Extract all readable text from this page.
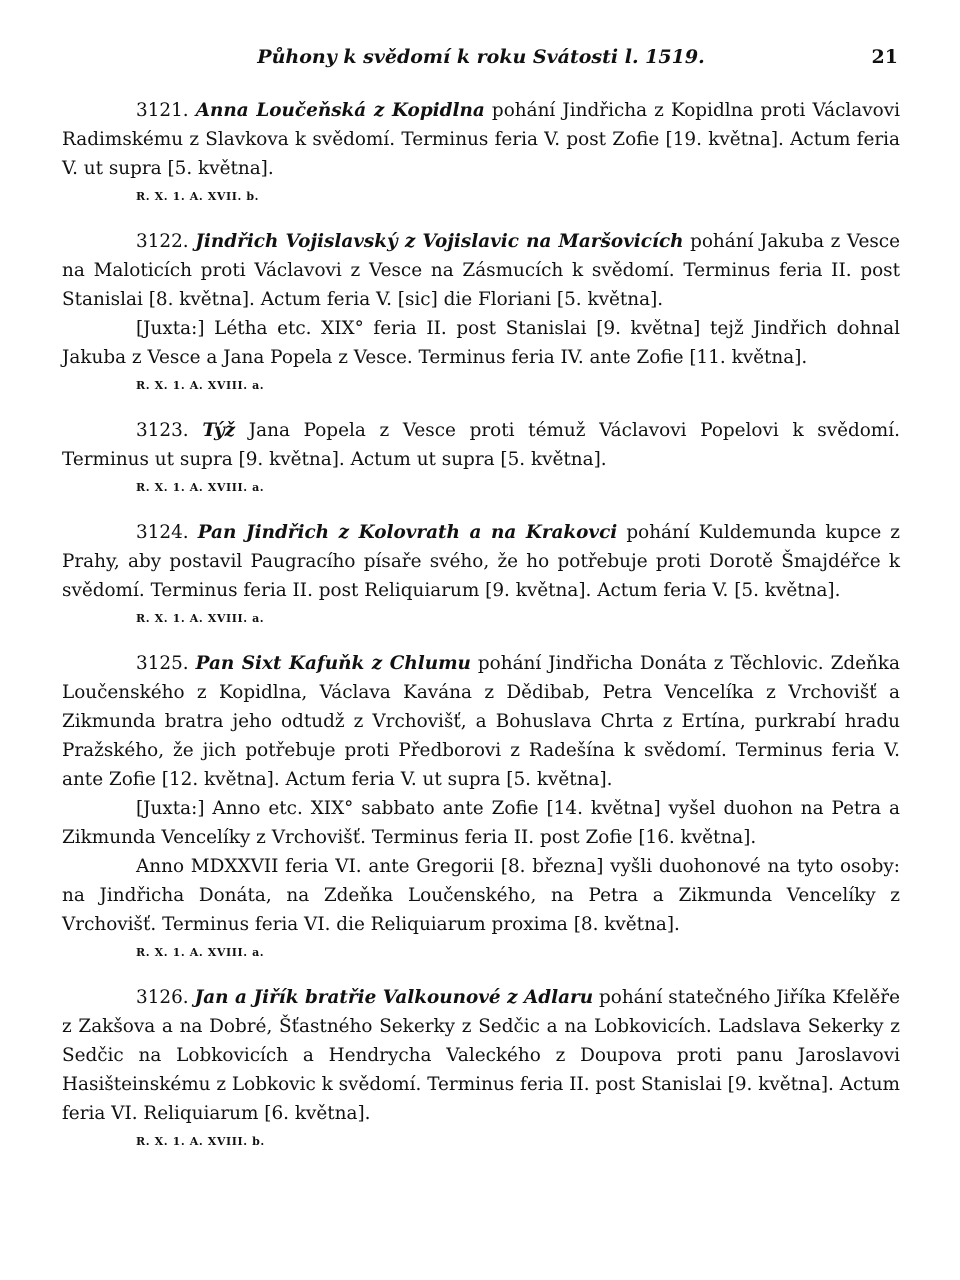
Půhony k svědomí k roku Svátosti l. 1519.	21

3121. Anna Loučeňská z Kopidlna pohání Jindřicha z Kopidlna proti Václavovi Radimskému z Slavkova k svědomí. Terminus feria V. post Zofie [19. května]. Actum feria V. ut supra [5. května].

R. X. 1. A. XVII. b.

3122. Jindřich Vojislavský z Vojislavic na Maršovicích pohání Jakuba z Vesce na Maloticích proti Václavovi z Vesce na Zásmucích k svědomí. Terminus feria II. post Stanislai [8. května]. Actum feria V. [sic] die Floriani [5. května].

[Juxta:] Létha etc. XIX° feria II. post Stanislai [9. května] tejž Jindřich dohnal Jakuba z Vesce a Jana Popela z Vesce. Terminus feria IV. ante Zofie [11. května].

R. X. 1. A. XVIII. a.

3123. Týž Jana Popela z Vesce proti témuž Václavovi Popelovi k svědomí. Terminus ut supra [9. května]. Actum ut supra [5. května].

R. X. 1. A. XVIII. a.

3124. Pan Jindřich z Kolovrath a na Krakovci pohání Kuldemunda kupce z Prahy, aby postavil Paugracího písaře svého, že ho potřebuje proti Dorotě Šmajdéřce k svědomí. Terminus feria II. post Reliquiarum [9. května]. Actum feria V. [5. května].

R. X. 1. A. XVIII. a.

3125. Pan Sixt Kafuňk z Chlumu pohání Jindřicha Donáta z Těchlovic. Zdeňka Loučenského z Kopidlna, Václava Kavána z Dědibab, Petra Vencelíka z Vrchovišť a Zikmunda bratra jeho odtudž z Vrchovišť, a Bohuslava Chrta z Ertína, purkrabí hradu Pražského, že jich potřebuje proti Předborovi z Radešína k svědomí. Terminus feria V. ante Zofie [12. května]. Actum feria V. ut supra [5. května].

[Juxta:] Anno etc. XIX° sabbato ante Zofie [14. května] vyšel duohon na Petra a Zikmunda Vencelíky z Vrchovišť. Terminus feria II. post Zofie [16. května].

Anno MDXXVII feria VI. ante Gregorii [8. března] vyšli duohonové na tyto osoby: na Jindřicha Donáta, na Zdeňka Loučenského, na Petra a Zikmunda Vencelíky z Vrchovišť. Terminus feria VI. die Reliquiarum proxima [8. května].

R. X. 1. A. XVIII. a.

3126. Jan a Jiřík bratřie Valkounové z Adlaru pohání statečného Jiříka Kfelěře z Zakšova a na Dobré, Šťastného Sekerky z Sedčic a na Lobkovicích. Ladslava Sekerky z Sedčic na Lobkovicích a Hendrycha Valeckého z Doupova proti panu Jaroslavovi Hasišteinskému z Lobkovic k svědomí. Terminus feria II. post Stanislai [9. května]. Actum feria VI. Reliquiarum [6. května].

R. X. 1. A. XVIII. b.
